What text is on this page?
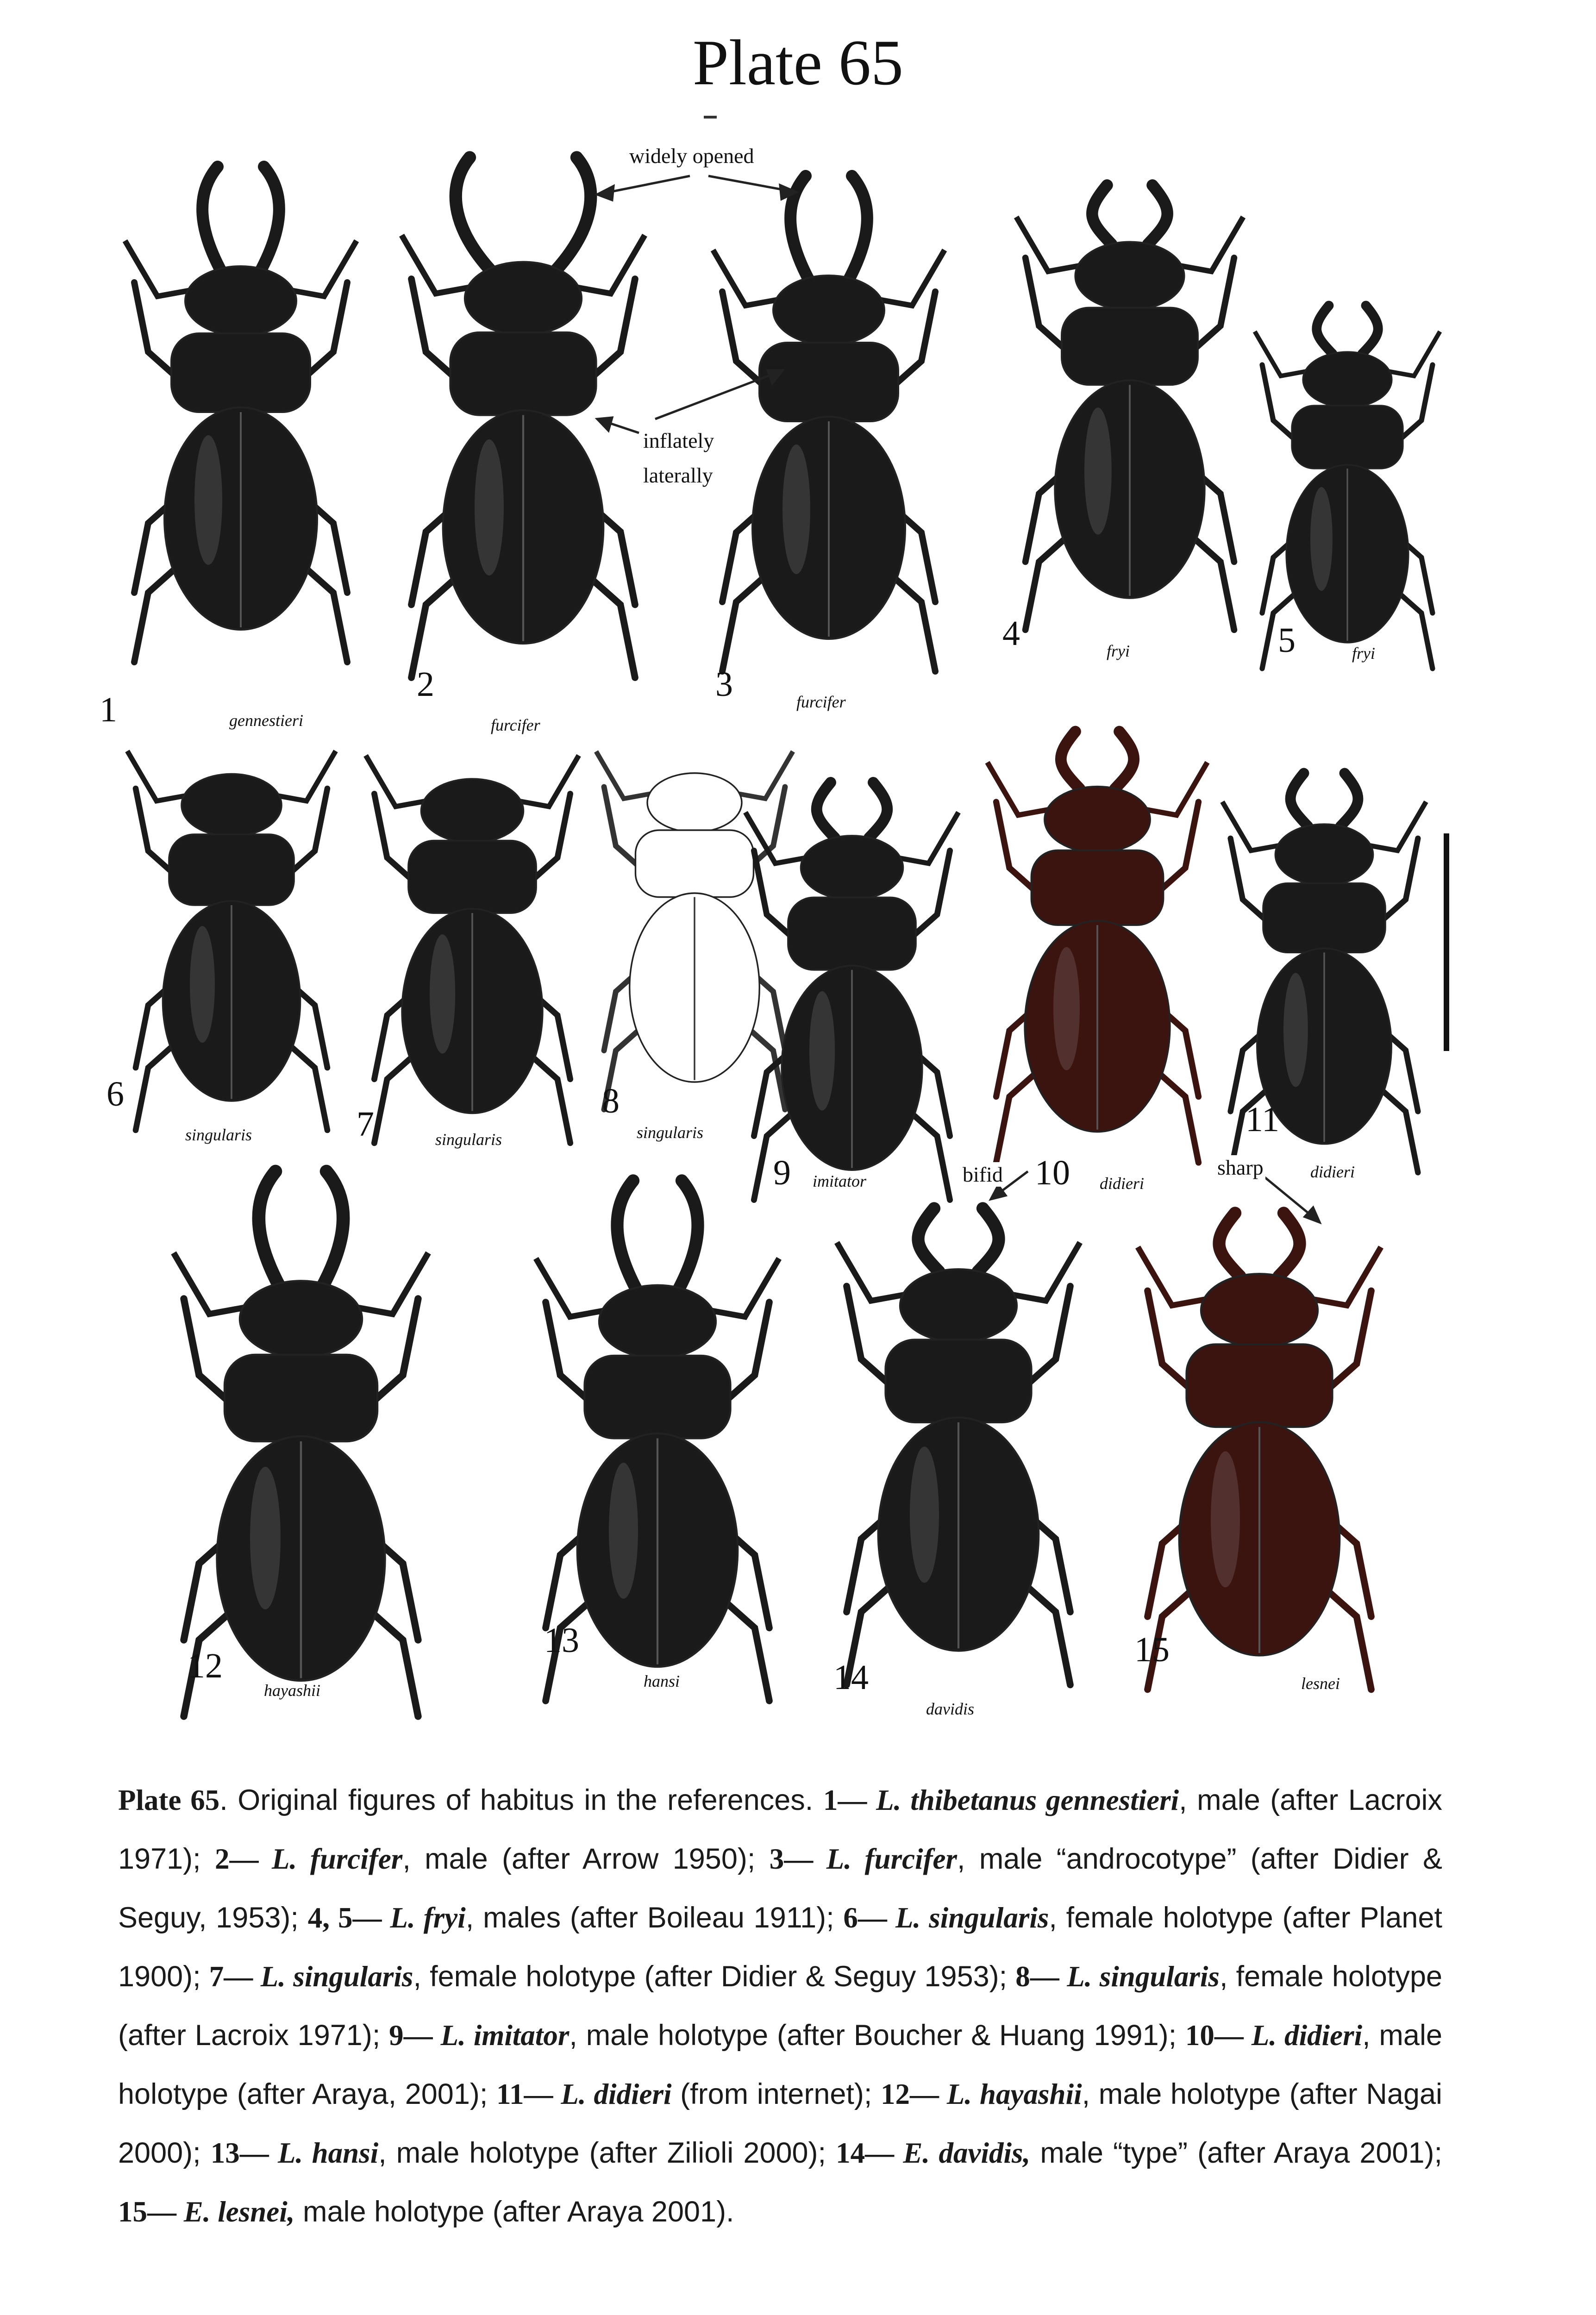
Plate 65
widely opened
inflately
laterally
bifid	sharp
1	gennestieri
2
furcifer
3	furcifer
4	fryi	5	fryi
6
singularis	7	singularis
8
singularis
9 imitator	10 didieri
11
didieri
12
hayashii
13
hansi	14
davidis
15
lesnei
Plate 65. Original figures of habitus in the references. 1— L. thibetanus gennestieri, male (after Lacroix 1971); 2— L. furcifer, male (after Arrow 1950); 3— L. furcifer, male “androcotype” (after Didier & Seguy, 1953); 4, 5— L. fryi, males (after Boileau 1911); 6— L. singularis, female holotype (after Planet 1900); 7— L. singularis, female holotype (after Didier & Seguy 1953); 8— L. singularis, female holotype (after Lacroix 1971); 9— L. imitator, male holotype (after Boucher & Huang 1991); 10— L. didieri, male holotype (after Araya, 2001); 11— L. didieri (from internet); 12— L. hayashii, male holotype (after Nagai 2000); 13— L. hansi, male holotype (after Zilioli 2000); 14— E. davidis, male “type” (after Araya 2001); 15— E. lesnei, male holotype (after Araya 2001).
